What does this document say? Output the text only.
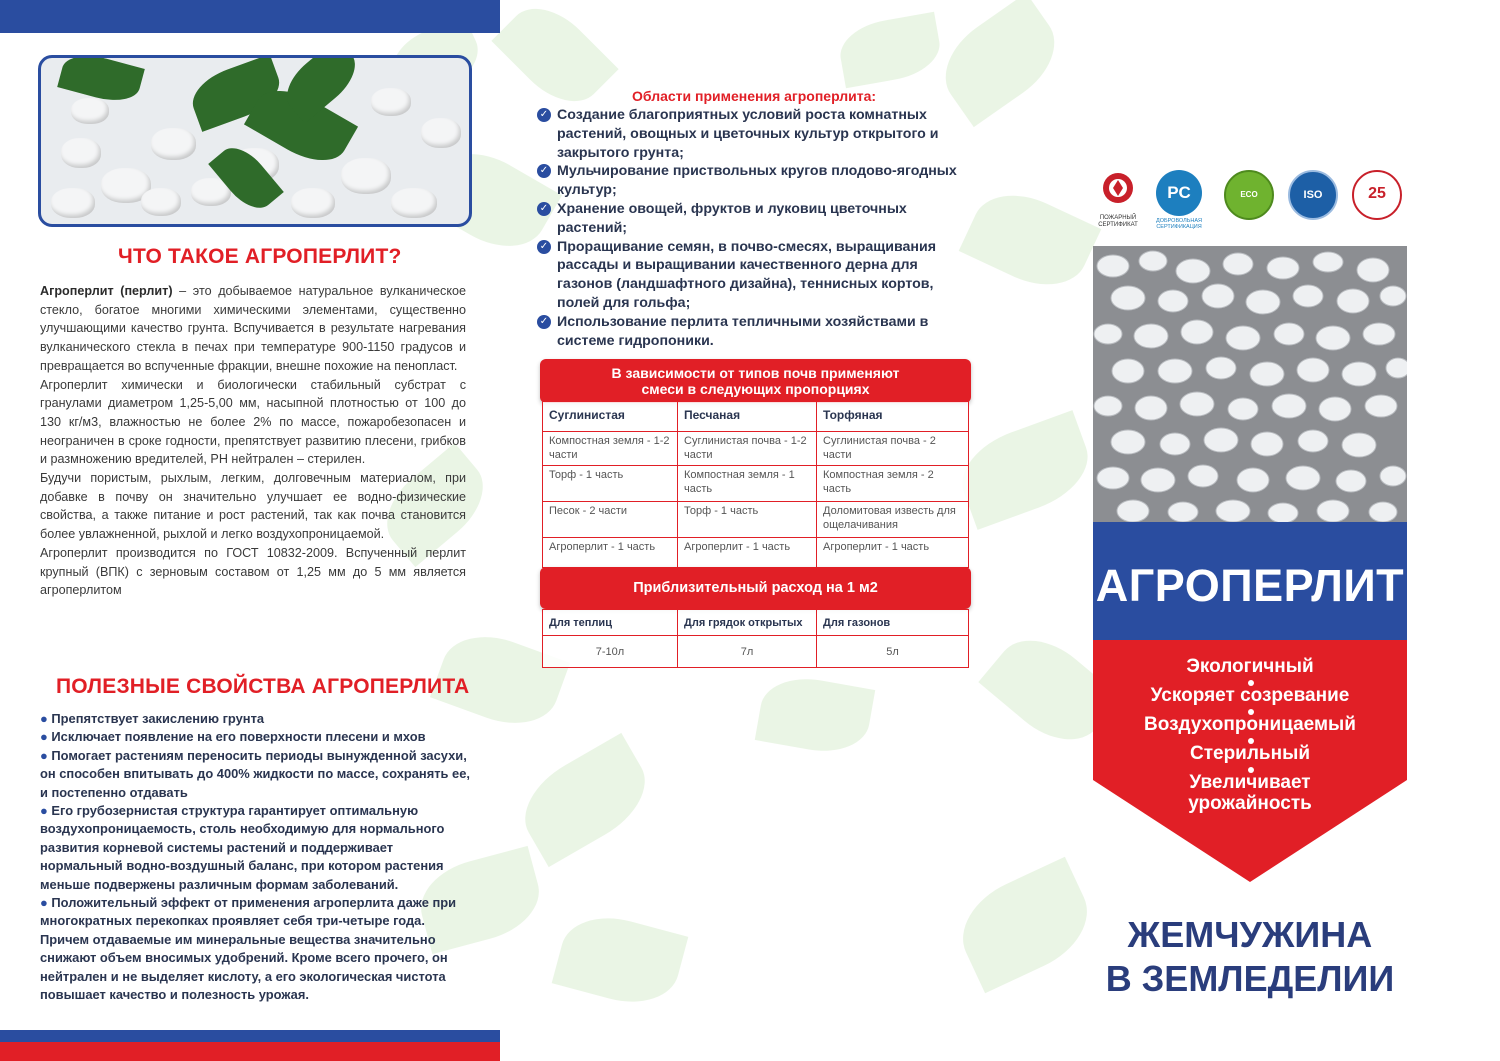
ЧТО ТАКОЕ АГРОПЕРЛИТ?
Агроперлит (перлит) – это добываемое натуральное вулканическое стекло, богатое многими химическими элементами, существенно улучшающими качество грунта. Вспучивается в результате нагревания вулканического стекла в печах при температуре 900-1150 градусов и превращается во вспученные фракции, внешне похожие на пенопласт.
Агроперлит химически и биологически стабильный субстрат с гранулами диаметром 1,25-5,00 мм, насыпной плотностью от 100 до 130 кг/м3, влажностью не более 2% по массе, пожаробезопасен и неограничен в сроке годности, препятствует развитию плесени, грибков и размножению вредителей, РН нейтрален – стерилен.
Будучи пористым, рыхлым, легким, долговечным материалом, при добавке в почву он значительно улучшает ее водно-физические свойства, а также питание и рост растений, так как почва становится более увлажненной, рыхлой и легко воздухопроницаемой.
Агроперлит производится по ГОСТ 10832-2009. Вспученный перлит крупный (ВПК) с зерновым составом от 1,25 мм до 5 мм является агроперлитом
ПОЛЕЗНЫЕ СВОЙСТВА АГРОПЕРЛИТА
● Препятствует закислению грунта
● Исключает появление на его поверхности плесени и мхов
● Помогает растениям переносить периоды вынужденной засухи, он способен впитывать до 400% жидкости по массе, сохранять ее, и постепенно отдавать
● Его грубозернистая структура гарантирует оптимальную воздухопроницаемость, столь необходимую для нормального развития корневой системы растений и поддерживает нормальный водно-воздушный баланс, при котором растения меньше подвержены различным формам заболеваний.
● Положительный эффект от применения агроперлита даже при многократных перекопках проявляет себя три-четыре года. Причем отдаваемые им минеральные вещества значительно снижают объем вносимых удобрений. Кроме всего прочего, он нейтрален и не выделяет кислоту, а его экологическая чистота повышает качество и полезность урожая.
Области применения агроперлита:
✓ Создание благоприятных условий роста комнатных растений, овощных и цветочных культур открытого и закрытого грунта;
✓ Мульчирование приствольных кругов плодово-ягодных культур;
✓ Хранение овощей, фруктов и луковиц цветочных растений;
✓ Проращивание семян, в почво-смесях, выращивания рассады и выращивании качественного дерна для газонов (ландшафтного дизайна), теннисных кортов, полей для гольфа;
✓ Использование перлита тепличными хозяйствами в системе гидропоники.
В зависимости от типов почв применяют
смеси в следующих пропорциях
Суглинистая	Песчаная	Торфяная
Компостная земля - 1-2 части	Суглинистая почва - 1-2 части	Суглинистая почва - 2 части
Торф - 1 часть	Компостная земля - 1 часть	Компостная земля - 2 часть
Песок - 2 части	Торф - 1 часть	Доломитовая известь для ощелачивания
Агроперлит - 1 часть	Агроперлит - 1 часть	Агроперлит - 1 часть
Приблизительный расход на 1 м2
Для теплиц	Для грядок открытых	Для газонов
7-10л	7л	5л
ПОЖАРНЫЙ СЕРТИФИКАТ
PC
ДОБРОВОЛЬНАЯ СЕРТИФИКАЦИЯ
ECO PRODUCT
ISO	25
АГРОПЕРЛИТ
Экологичный
Ускоряет созревание
Воздухопроницаемый
Стерильный
Увеличивает урожайность
ЖЕМЧУЖИНА
В ЗЕМЛЕДЕЛИИ
